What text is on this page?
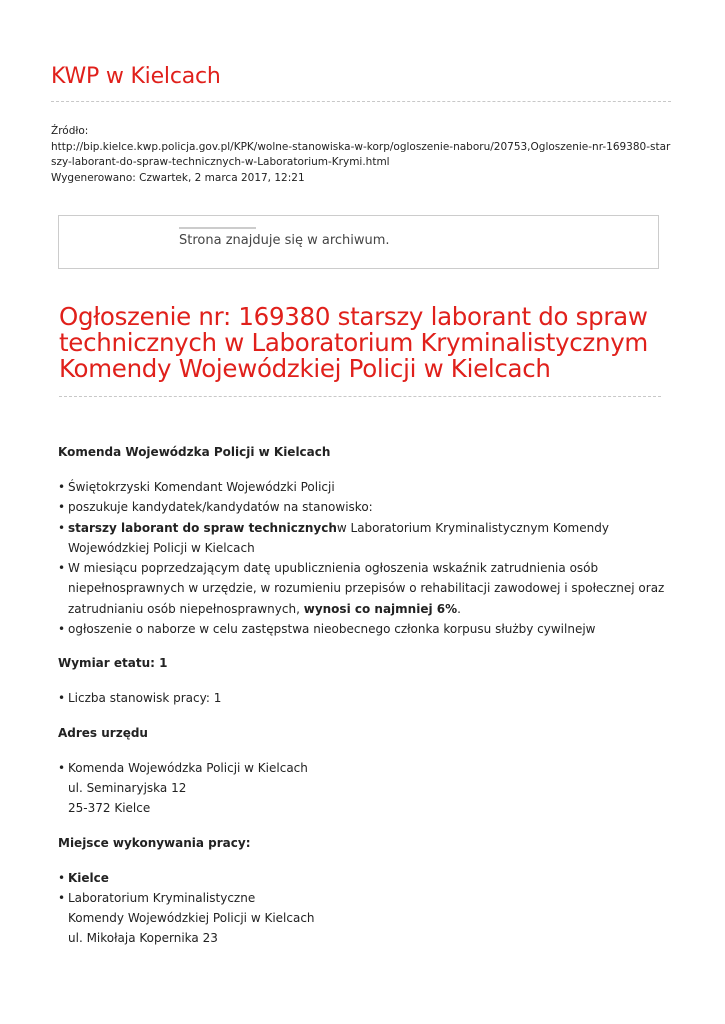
KWP w Kielcach
Źródło:
http://bip.kielce.kwp.policja.gov.pl/KPK/wolne-stanowiska-w-korp/ogloszenie-naboru/20753,Ogloszenie-nr-169380-star
szy-laborant-do-spraw-technicznych-w-Laboratorium-Krymi.html
Wygenerowano: Czwartek, 2 marca 2017, 12:21
Strona znajduje się w archiwum.
Ogłoszenie nr: 169380 starszy laborant do spraw
technicznych w Laboratorium Kryminalistycznym
Komendy Wojewódzkiej Policji w Kielcach
Komenda Wojewódzka Policji w Kielcach
• Świętokrzyski Komendant Wojewódzki Policji
• poszukuje kandydatek/kandydatów na stanowisko:
• starszy laborant do spraw technicznychw Laboratorium Kryminalistycznym Komendy
Wojewódzkiej Policji w Kielcach
• W miesiącu poprzedzającym datę upublicznienia ogłoszenia wskaźnik zatrudnienia osób
niepełnosprawnych w urzędzie, w rozumieniu przepisów o rehabilitacji zawodowej i społecznej oraz
zatrudnianiu osób niepełnosprawnych, wynosi co najmniej 6%.
• ogłoszenie o naborze w celu zastępstwa nieobecnego członka korpusu służby cywilnejw
Wymiar etatu: 1
• Liczba stanowisk pracy: 1
Adres urzędu
• Komenda Wojewódzka Policji w Kielcach
ul. Seminaryjska 12
25-372 Kielce
Miejsce wykonywania pracy:
• Kielce
• Laboratorium Kryminalistyczne
Komendy Wojewódzkiej Policji w Kielcach
ul. Mikołaja Kopernika 23
